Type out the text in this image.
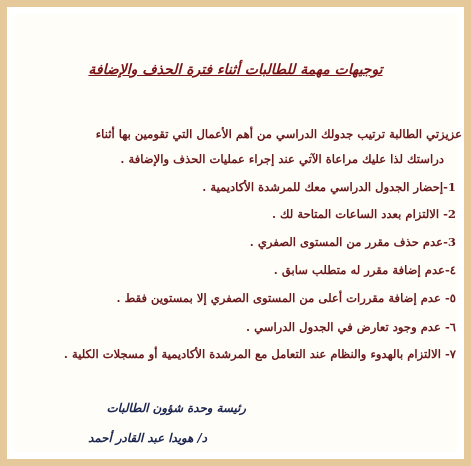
توجيهات مهمة للطالبات أثناء فترة الحذف والإضافة
عزيزتي الطالبة ترتيب جدولك الدراسي من أهم الأعمال التي تقومين بها أثناء
دراستك لذا عليك مراعاة الآتي عند إجراء عمليات الحذف والإضافة .
1-إحضار الجدول الدراسي معك للمرشدة الأكاديمية .
2- الالتزام بعدد الساعات المتاحة لك .
3-عدم حذف مقرر من المستوى الصفري .
٤-عدم إضافة مقرر له متطلب سابق .
٥- عدم إضافة مقررات أعلى من المستوى الصفري إلا بمستوين فقط .
٦- عدم وجود تعارض في الجدول الدراسي .
٧- الالتزام بالهدوء والنظام عند التعامل مع المرشدة الأكاديمية أو مسجلات الكلية .
رئيسة وحدة شؤون الطالبات
د/ هويدا عبد القادر أحمد
